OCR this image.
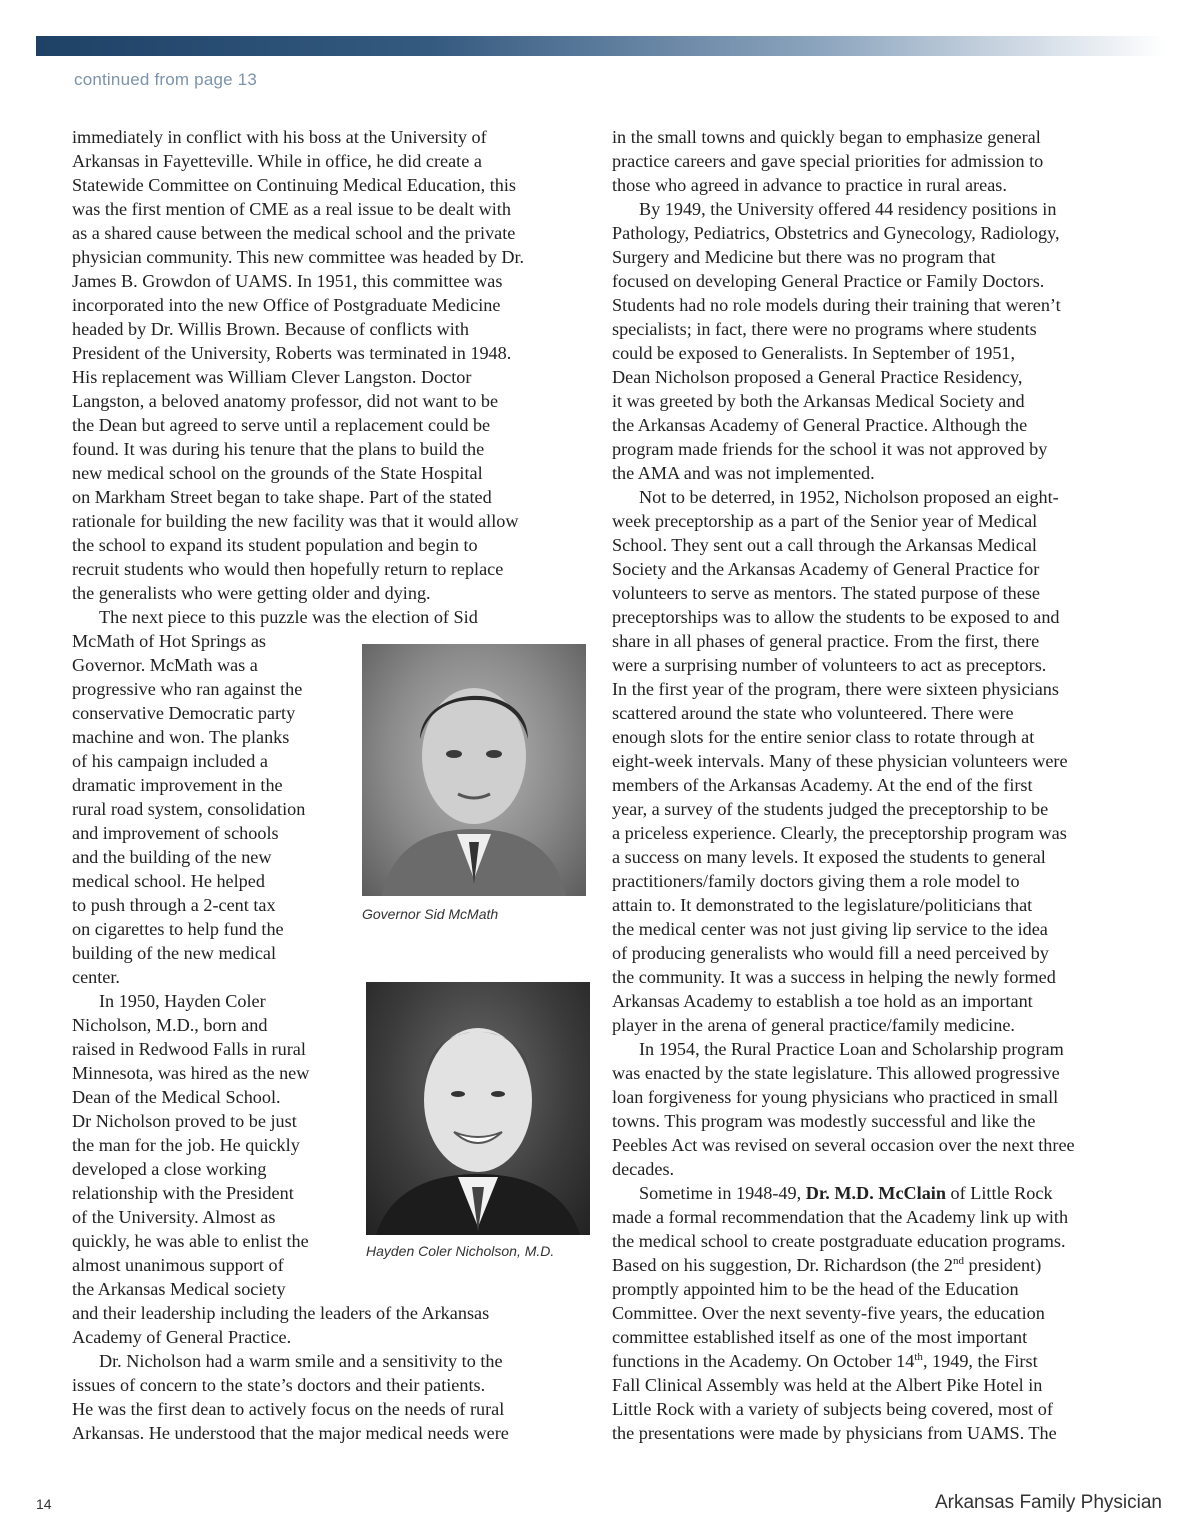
continued from page 13

immediately in conflict with his boss at the University of

Arkansas in Fayetteville. While in office, he did create a

Statewide Committee on Continuing Medical Education, this

was the first mention of CME as a real issue to be dealt with

as a shared cause between the medical school and the private

physician community. This new committee was headed by Dr.

James B. Growdon of UAMS. In 1951, this committee was

incorporated into the new Office of Postgraduate Medicine

headed by Dr. Willis Brown. Because of conflicts with

President of the University, Roberts was terminated in 1948.

His replacement was William Clever Langston. Doctor

Langston, a beloved anatomy professor, did not want to be

the Dean but agreed to serve until a replacement could be

found. It was during his tenure that the plans to build the

new medical school on the grounds of the State Hospital

on Markham Street began to take shape. Part of the stated

rationale for building the new facility was that it would allow

the school to expand its student population and begin to

recruit students who would then hopefully return to replace

the generalists who were getting older and dying.

The next piece to this puzzle was the election of Sid

McMath of Hot Springs as

Governor. McMath was a

progressive who ran against the

conservative Democratic party

machine and won. The planks

of his campaign included a

dramatic improvement in the

rural road system, consolidation

and improvement of schools

and the building of the new

medical school. He helped

to push through a 2-cent tax

on cigarettes to help fund the

building of the new medical

center.

In 1950, Hayden Coler

Nicholson, M.D., born and

raised in Redwood Falls in rural

Minnesota, was hired as the new

Dean of the Medical School.

Dr Nicholson proved to be just

the man for the job. He quickly

developed a close working

relationship with the President

of the University. Almost as

quickly, he was able to enlist the

almost unanimous support of

the Arkansas Medical society

and their leadership including the leaders of the Arkansas

Academy of General Practice.

Dr. Nicholson had a warm smile and a sensitivity to the

issues of concern to the state’s doctors and their patients.

He was the first dean to actively focus on the needs of rural

Arkansas. He understood that the major medical needs were

in the small towns and quickly began to emphasize general

practice careers and gave special priorities for admission to

those who agreed in advance to practice in rural areas.

By 1949, the University offered 44 residency positions in

Pathology, Pediatrics, Obstetrics and Gynecology, Radiology,

Surgery and Medicine but there was no program that

focused on developing General Practice or Family Doctors.

Students had no role models during their training that weren’t

specialists; in fact, there were no programs where students

could be exposed to Generalists. In September of 1951,

Dean Nicholson proposed a General Practice Residency,

it was greeted by both the Arkansas Medical Society and

the Arkansas Academy of General Practice. Although the

program made friends for the school it was not approved by

the AMA and was not implemented.

Not to be deterred, in 1952, Nicholson proposed an eight-

week preceptorship as a part of the Senior year of Medical

School. They sent out a call through the Arkansas Medical

Society and the Arkansas Academy of General Practice for

volunteers to serve as mentors. The stated purpose of these

preceptorships was to allow the students to be exposed to and

share in all phases of general practice. From the first, there

were a surprising number of volunteers to act as preceptors.

In the first year of the program, there were sixteen physicians

scattered around the state who volunteered. There were

enough slots for the entire senior class to rotate through at

eight-week intervals. Many of these physician volunteers were

members of the Arkansas Academy. At the end of the first

year, a survey of the students judged the preceptorship to be

a priceless experience. Clearly, the preceptorship program was

a success on many levels. It exposed the students to general

practitioners/family doctors giving them a role model to

attain to. It demonstrated to the legislature/politicians that

the medical center was not just giving lip service to the idea

of producing generalists who would fill a need perceived by

the community. It was a success in helping the newly formed

Arkansas Academy to establish a toe hold as an important

player in the arena of general practice/family medicine.

In 1954, the Rural Practice Loan and Scholarship program

was enacted by the state legislature. This allowed progressive

loan forgiveness for young physicians who practiced in small

towns. This program was modestly successful and like the

Peebles Act was revised on several occasion over the next three

decades.

Sometime in 1948-49, Dr. M.D. McClain of Little Rock

made a formal recommendation that the Academy link up with

the medical school to create postgraduate education programs.

Based on his suggestion, Dr. Richardson (the 2nd president)

promptly appointed him to be the head of the Education

Committee. Over the next seventy-five years, the education

committee established itself as one of the most important

functions in the Academy. On October 14th, 1949, the First

Fall Clinical Assembly was held at the Albert Pike Hotel in

Little Rock with a variety of subjects being covered, most of

the presentations were made by physicians from UAMS. The

Governor Sid McMath
Hayden Coler Nicholson, M.D.
14	Arkansas Family Physician
